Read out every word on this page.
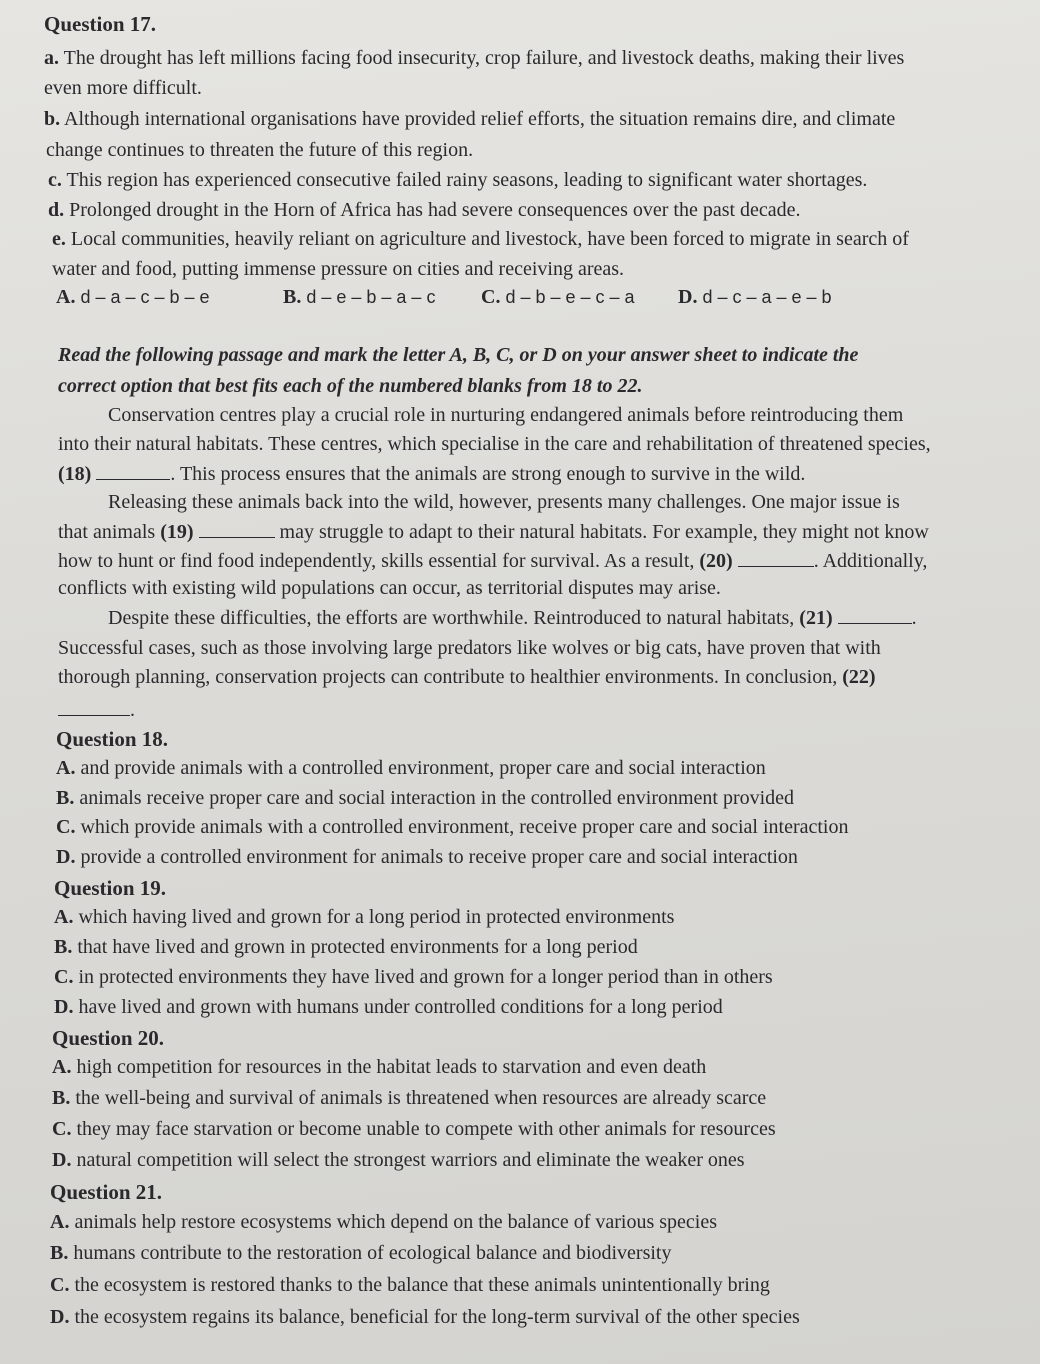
Question 17.
a. The drought has left millions facing food insecurity, crop failure, and livestock deaths, making their lives
even more difficult.
b. Although international organisations have provided relief efforts, the situation remains dire, and climate
change continues to threaten the future of this region.
c. This region has experienced consecutive failed rainy seasons, leading to significant water shortages.
d. Prolonged drought in the Horn of Africa has had severe consequences over the past decade.
e. Local communities, heavily reliant on agriculture and livestock, have been forced to migrate in search of
water and food, putting immense pressure on cities and receiving areas.
A. d – a – c – b – e	B. d – e – b – a – c C. d – b – e – c – a D. d – c – a – e – b
Read the following passage and mark the letter A, B, C, or D on your answer sheet to indicate the
correct option that best fits each of the numbered blanks from 18 to 22.
Conservation centres play a crucial role in nurturing endangered animals before reintroducing them
into their natural habitats. These centres, which specialise in the care and rehabilitation of threatened species,
(18)	. This process ensures that the animals are strong enough to survive in the wild.
Releasing these animals back into the wild, however, presents many challenges. One major issue is
that animals (19)	may struggle to adapt to their natural habitats. For example, they might not know
how to hunt or find food independently, skills essential for survival. As a result, (20)	. Additionally,
conflicts with existing wild populations can occur, as territorial disputes may arise.
Despite these difficulties, the efforts are worthwhile. Reintroduced to natural habitats, (21)	.
Successful cases, such as those involving large predators like wolves or big cats, have proven that with
thorough planning, conservation projects can contribute to healthier environments. In conclusion, (22)
.
Question 18.
A. and provide animals with a controlled environment, proper care and social interaction
B. animals receive proper care and social interaction in the controlled environment provided
C. which provide animals with a controlled environment, receive proper care and social interaction
D. provide a controlled environment for animals to receive proper care and social interaction
Question 19.
A. which having lived and grown for a long period in protected environments
B. that have lived and grown in protected environments for a long period
C. in protected environments they have lived and grown for a longer period than in others
D. have lived and grown with humans under controlled conditions for a long period
Question 20.
A. high competition for resources in the habitat leads to starvation and even death
B. the well-being and survival of animals is threatened when resources are already scarce
C. they may face starvation or become unable to compete with other animals for resources
D. natural competition will select the strongest warriors and eliminate the weaker ones
Question 21.
A. animals help restore ecosystems which depend on the balance of various species
B. humans contribute to the restoration of ecological balance and biodiversity
C. the ecosystem is restored thanks to the balance that these animals unintentionally bring
D. the ecosystem regains its balance, beneficial for the long-term survival of the other species
